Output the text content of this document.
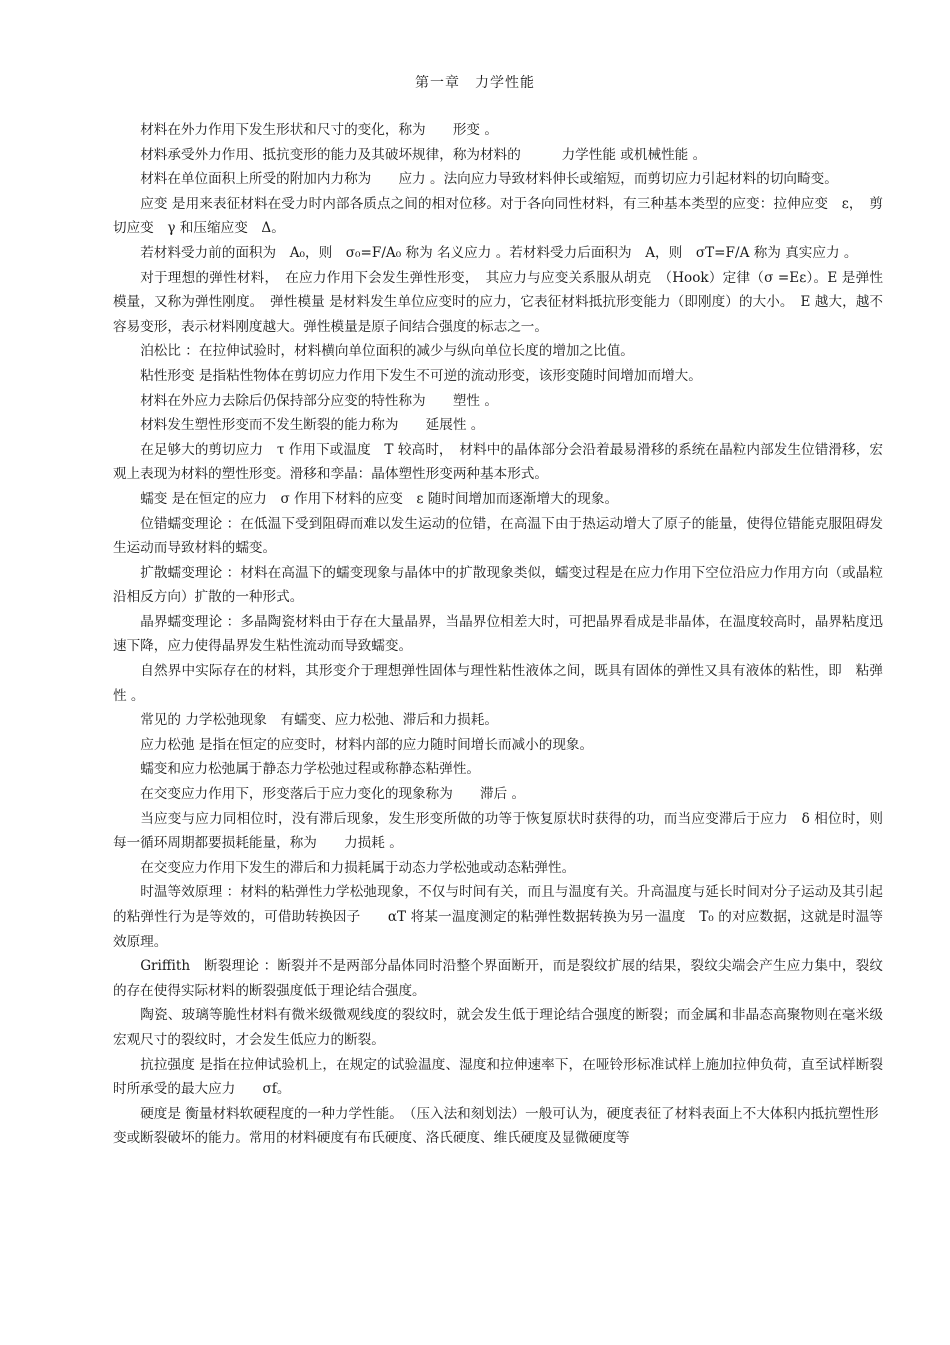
第一章　力学性能

材料在外力作用下发生形状和尺寸的变化，称为　　形变 。

材料承受外力作用、抵抗变形的能力及其破坏规律，称为材料的　　　力学性能 或机械性能 。

材料在单位面积上所受的附加内力称为　　应力 。法向应力导致材料伸长或缩短，而剪切应力引起材料的切向畸变。

应变 是用来表征材料在受力时内部各质点之间的相对位移。对于各向同性材料，有三种基本类型的应变：拉伸应变　ε，　剪切应变　γ 和压缩应变　Δ。

若材料受力前的面积为　A₀，则　σ₀=F/A₀ 称为 名义应力 。若材料受力后面积为　A，则　σT=F/A 称为 真实应力 。

对于理想的弹性材料，　在应力作用下会发生弹性形变，　其应力与应变关系服从胡克　（Hook）定律（σ =Eε）。E 是弹性模量，又称为弹性刚度。　弹性模量 是材料发生单位应变时的应力，它表征材料抵抗形变能力（即刚度）的大小。　E 越大，越不容易变形，表示材料刚度越大。弹性模量是原子间结合强度的标志之一。

泊松比 ：在拉伸试验时，材料横向单位面积的减少与纵向单位长度的增加之比值。

粘性形变 是指粘性物体在剪切应力作用下发生不可逆的流动形变，该形变随时间增加而增大。

材料在外应力去除后仍保持部分应变的特性称为　　塑性 。

材料发生塑性形变而不发生断裂的能力称为　　延展性 。

在足够大的剪切应力　τ 作用下或温度　T 较高时，　材料中的晶体部分会沿着最易滑移的系统在晶粒内部发生位错滑移，宏观上表现为材料的塑性形变。滑移和孪晶：晶体塑性形变两种基本形式。

蠕变 是在恒定的应力　σ 作用下材料的应变　ε 随时间增加而逐渐增大的现象。

位错蠕变理论 ：在低温下受到阻碍而难以发生运动的位错，在高温下由于热运动增大了原子的能量，使得位错能克服阻碍发生运动而导致材料的蠕变。

扩散蠕变理论 ：材料在高温下的蠕变现象与晶体中的扩散现象类似，蠕变过程是在应力作用下空位沿应力作用方向（或晶粒沿相反方向）扩散的一种形式。

晶界蠕变理论 ：多晶陶瓷材料由于存在大量晶界，当晶界位相差大时，可把晶界看成是非晶体，在温度较高时，晶界粘度迅速下降，应力使得晶界发生粘性流动而导致蠕变。

自然界中实际存在的材料，其形变介于理想弹性固体与理性粘性液体之间，既具有固体的弹性又具有液体的粘性，即　粘弹性 。

常见的 力学松弛现象　有蠕变、应力松弛、滞后和力损耗。

应力松弛 是指在恒定的应变时，材料内部的应力随时间增长而减小的现象。

蠕变和应力松弛属于静态力学松弛过程或称静态粘弹性。

在交变应力作用下，形变落后于应力变化的现象称为　　滞后 。

当应变与应力同相位时，没有滞后现象，发生形变所做的功等于恢复原状时获得的功，而当应变滞后于应力　δ 相位时，则每一循环周期都要损耗能量，称为　　力损耗 。

在交变应力作用下发生的滞后和力损耗属于动态力学松弛或动态粘弹性。

时温等效原理 ：材料的粘弹性力学松弛现象，不仅与时间有关，而且与温度有关。升高温度与延长时间对分子运动及其引起的粘弹性行为是等效的，可借助转换因子　　αT 将某一温度测定的粘弹性数据转换为另一温度　T₀ 的对应数据，这就是时温等效原理。

Griffith　断裂理论 ：断裂并不是两部分晶体同时沿整个界面断开，而是裂纹扩展的结果，裂纹尖端会产生应力集中，裂纹的存在使得实际材料的断裂强度低于理论结合强度。

陶瓷、玻璃等脆性材料有微米级微观线度的裂纹时，就会发生低于理论结合强度的断裂；而金属和非晶态高聚物则在毫米级宏观尺寸的裂纹时，才会发生低应力的断裂。

抗拉强度 是指在拉伸试验机上，在规定的试验温度、湿度和拉伸速率下，在哑铃形标准试样上施加拉伸负荷，直至试样断裂时所承受的最大应力　　σf。

硬度是 衡量材料软硬程度的一种力学性能。　（压入法和刻划法）一般可认为，硬度表征了材料表面上不大体积内抵抗塑性形变或断裂破坏的能力。常用的材料硬度有布氏硬度、洛氏硬度、维氏硬度及显微硬度等
